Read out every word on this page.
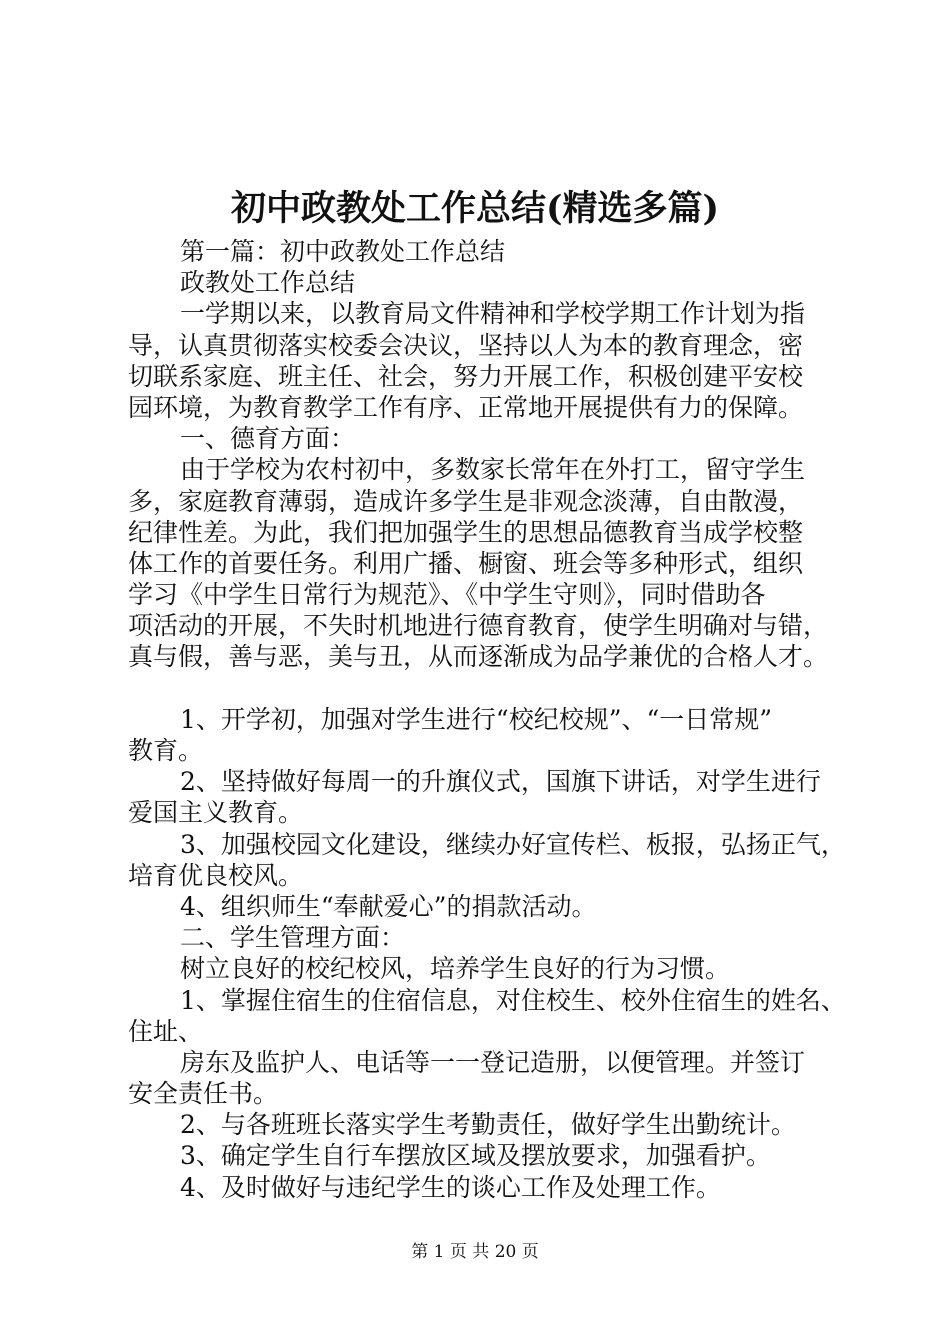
初中政教处工作总结(精选多篇)
第一篇：初中政教处工作总结
政教处工作总结
一学期以来，以教育局文件精神和学校学期工作计划为指
导，认真贯彻落实校委会决议，坚持以人为本的教育理念，密
切联系家庭、班主任、社会，努力开展工作，积极创建平安校
园环境，为教育教学工作有序、正常地开展提供有力的保障。
一、德育方面：
由于学校为农村初中，多数家长常年在外打工，留守学生
多，家庭教育薄弱，造成许多学生是非观念淡薄，自由散漫，
纪律性差。为此，我们把加强学生的思想品德教育当成学校整
体工作的首要任务。利用广播、橱窗、班会等多种形式，组织
学习《中学生日常行为规范》、《中学生守则》，同时借助各
项活动的开展，不失时机地进行德育教育，使学生明确对与错，
真与假，善与恶，美与丑，从而逐渐成为品学兼优的合格人才。
1、开学初，加强对学生进行“校纪校规”、“一日常规”
教育。
2、坚持做好每周一的升旗仪式，国旗下讲话，对学生进行
爱国主义教育。
3、加强校园文化建设，继续办好宣传栏、板报，弘扬正气，
培育优良校风。
4、组织师生“奉献爱心”的捐款活动。
二、学生管理方面：
树立良好的校纪校风，培养学生良好的行为习惯。
1、掌握住宿生的住宿信息，对住校生、校外住宿生的姓名、
住址、
房东及监护人、电话等一一登记造册，以便管理。并签订
安全责任书。
2、与各班班长落实学生考勤责任，做好学生出勤统计。
3、确定学生自行车摆放区域及摆放要求，加强看护。
4、及时做好与违纪学生的谈心工作及处理工作。
第 1 页 共 20 页
